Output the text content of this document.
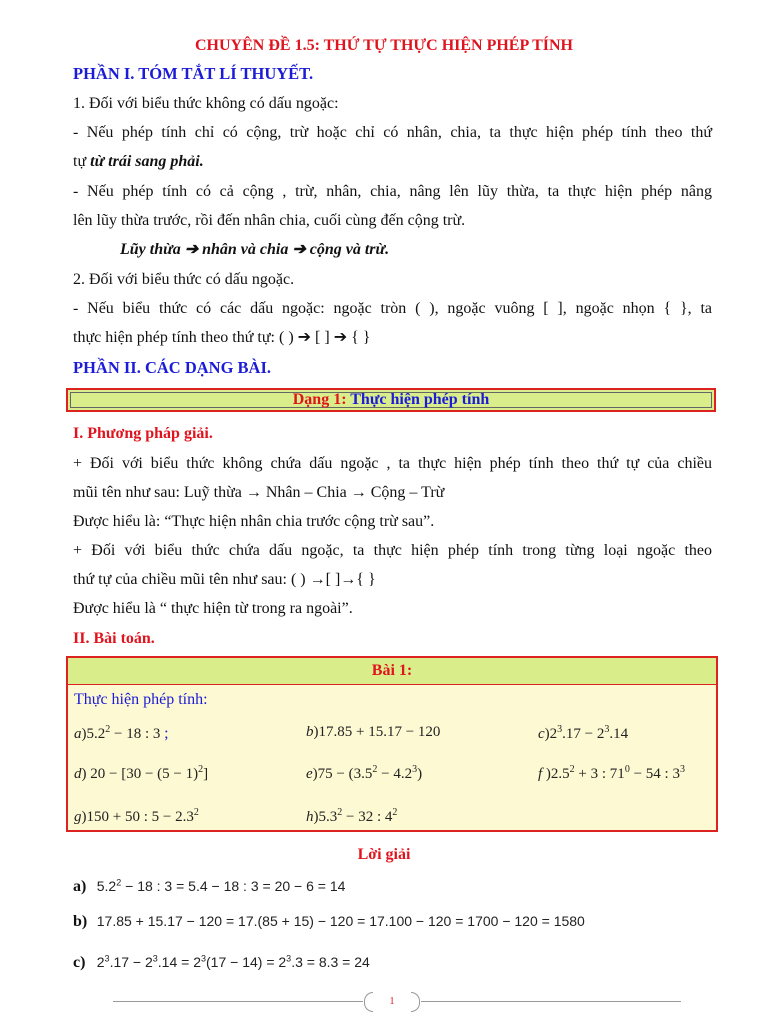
CHUYÊN ĐỀ 1.5: THỨ TỰ THỰC HIỆN PHÉP TÍNH
PHẦN I. TÓM TẮT LÍ THUYẾT.
1. Đối với biểu thức không có dấu ngoặc:
- Nếu phép tính chỉ có cộng, trừ hoặc chỉ có nhân, chia, ta thực hiện phép tính theo thứ
tự từ trái sang phải.
- Nếu phép tính có cả cộng , trừ, nhân, chia, nâng lên lũy thừa, ta thực hiện phép nâng
lên lũy thừa trước, rồi đến nhân chia, cuối cùng đến cộng trừ.
Lũy thừa ➔ nhân và chia ➔ cộng và trừ.
2. Đối với biểu thức có dấu ngoặc.
- Nếu biểu thức có các dấu ngoặc: ngoặc tròn ( ), ngoặc vuông [ ], ngoặc nhọn { }, ta
thực hiện phép tính theo thứ tự: ( ) ➔ [ ] ➔ { }
PHẦN II. CÁC DẠNG BÀI.
Dạng 1: Thực hiện phép tính
I. Phương pháp giải.
+ Đối với biểu thức không chứa dấu ngoặc , ta thực hiện phép tính theo thứ tự của chiều
mũi tên như sau: Luỹ thừa → Nhân – Chia → Cộng – Trừ
Được hiểu là: “Thực hiện nhân chia trước cộng trừ sau”.
+ Đối với biểu thức chứa dấu ngoặc, ta thực hiện phép tính trong từng loại ngoặc theo
thứ tự của chiều mũi tên như sau: ( ) →[ ]→{ }
Được hiểu là “ thực hiện từ trong ra ngoài”.
II. Bài toán.
Bài 1:
Thực hiện phép tính:
$a)5.2^2 - 18$ : 3 ;	b)17.85 + 15.17 − 120	$c)2^3.17 - 2^3.14$
d) $20 - [30 - (5 - 1)^2]$	$e)75 - (3.5^2 - 4.2^3)$	f )$2.5^2 + 3$ : $71^0 - 54$ : $3^3$
g)150 + 50 : $5 - 2.3^2$	$h)5.3^2 - 32$ : $4^2$
Lời giải
a) $5.2^2 - 18$ : 3 = 5.4 − 18 : 3 = 20 − 6 = 14
b) 17.85 + 15.17 − 120 = 17.(85 + 15) − 120 = 17.100 − 120 = 1700 − 120 = 1580
c) $2^3.17 - 2^3.14 = 2^3(17 - 14) = 2^3.3 = 8.3 = 24$
1
